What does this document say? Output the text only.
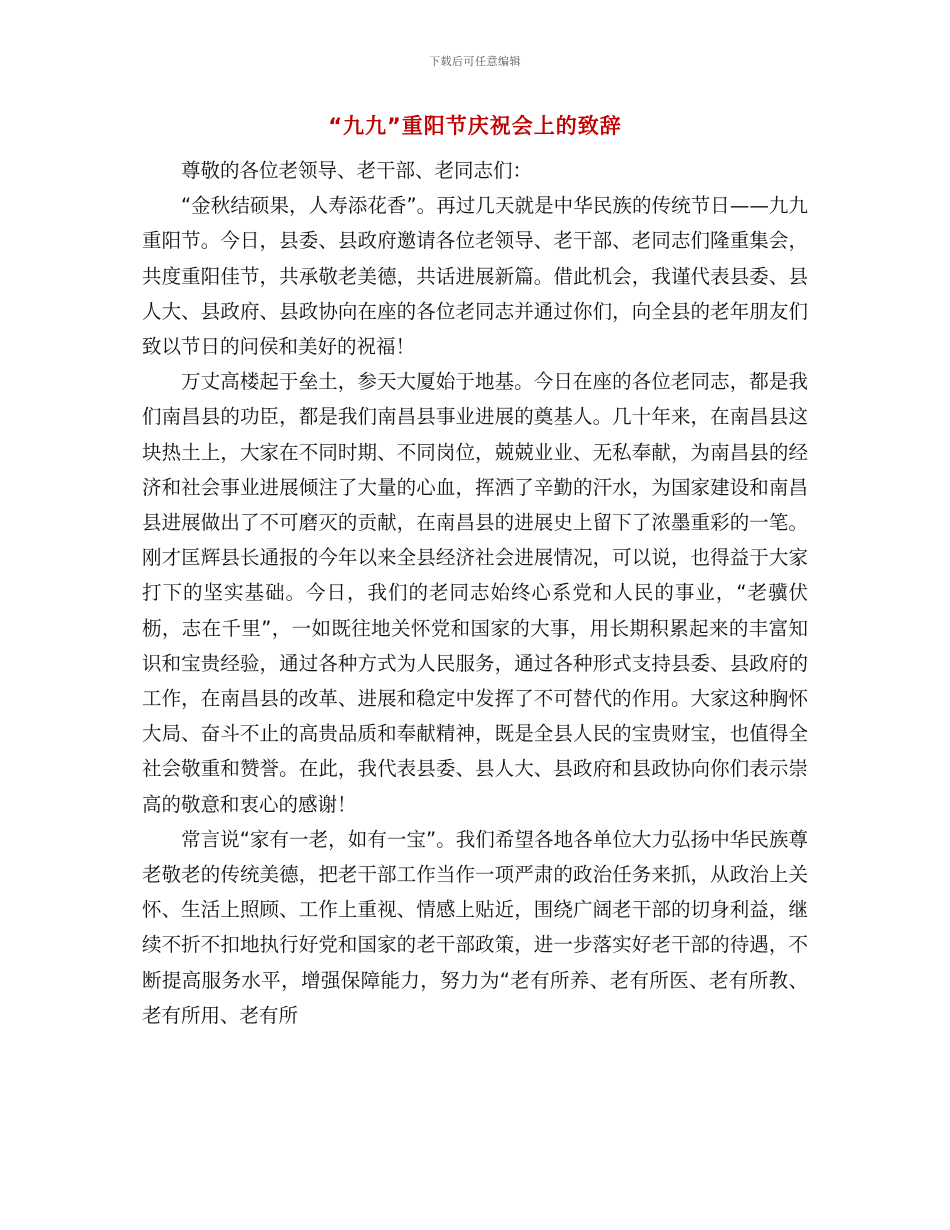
下载后可任意编辑
“九九”重阳节庆祝会上的致辞

尊敬的各位老领导、老干部、老同志们：

“金秋结硕果，人寿添花香”。再过几天就是中华民族的传统节日——九九重阳节。今日，县委、县政府邀请各位老领导、老干部、老同志们隆重集会，共度重阳佳节，共承敬老美德，共话进展新篇。借此机会，我谨代表县委、县人大、县政府、县政协向在座的各位老同志并通过你们，向全县的老年朋友们致以节日的问侯和美好的祝福！

万丈高楼起于垒土，参天大厦始于地基。今日在座的各位老同志，都是我们南昌县的功臣，都是我们南昌县事业进展的奠基人。几十年来，在南昌县这块热土上，大家在不同时期、不同岗位，兢兢业业、无私奉献，为南昌县的经济和社会事业进展倾注了大量的心血，挥洒了辛勤的汗水，为国家建设和南昌县进展做出了不可磨灭的贡献，在南昌县的进展史上留下了浓墨重彩的一笔。刚才匡辉县长通报的今年以来全县经济社会进展情况，可以说，也得益于大家打下的坚实基础。今日，我们的老同志始终心系党和人民的事业，“老骥伏枥，志在千里”，一如既往地关怀党和国家的大事，用长期积累起来的丰富知识和宝贵经验，通过各种方式为人民服务，通过各种形式支持县委、县政府的工作，在南昌县的改革、进展和稳定中发挥了不可替代的作用。大家这种胸怀大局、奋斗不止的高贵品质和奉献精神，既是全县人民的宝贵财宝，也值得全社会敬重和赞誉。在此，我代表县委、县人大、县政府和县政协向你们表示崇高的敬意和衷心的感谢！

常言说“家有一老，如有一宝”。我们希望各地各单位大力弘扬中华民族尊老敬老的传统美德，把老干部工作当作一项严肃的政治任务来抓，从政治上关怀、生活上照顾、工作上重视、情感上贴近，围绕广阔老干部的切身利益，继续不折不扣地执行好党和国家的老干部政策，进一步落实好老干部的待遇，不断提高服务水平，增强保障能力，努力为“老有所养、老有所医、老有所教、老有所用、老有所
